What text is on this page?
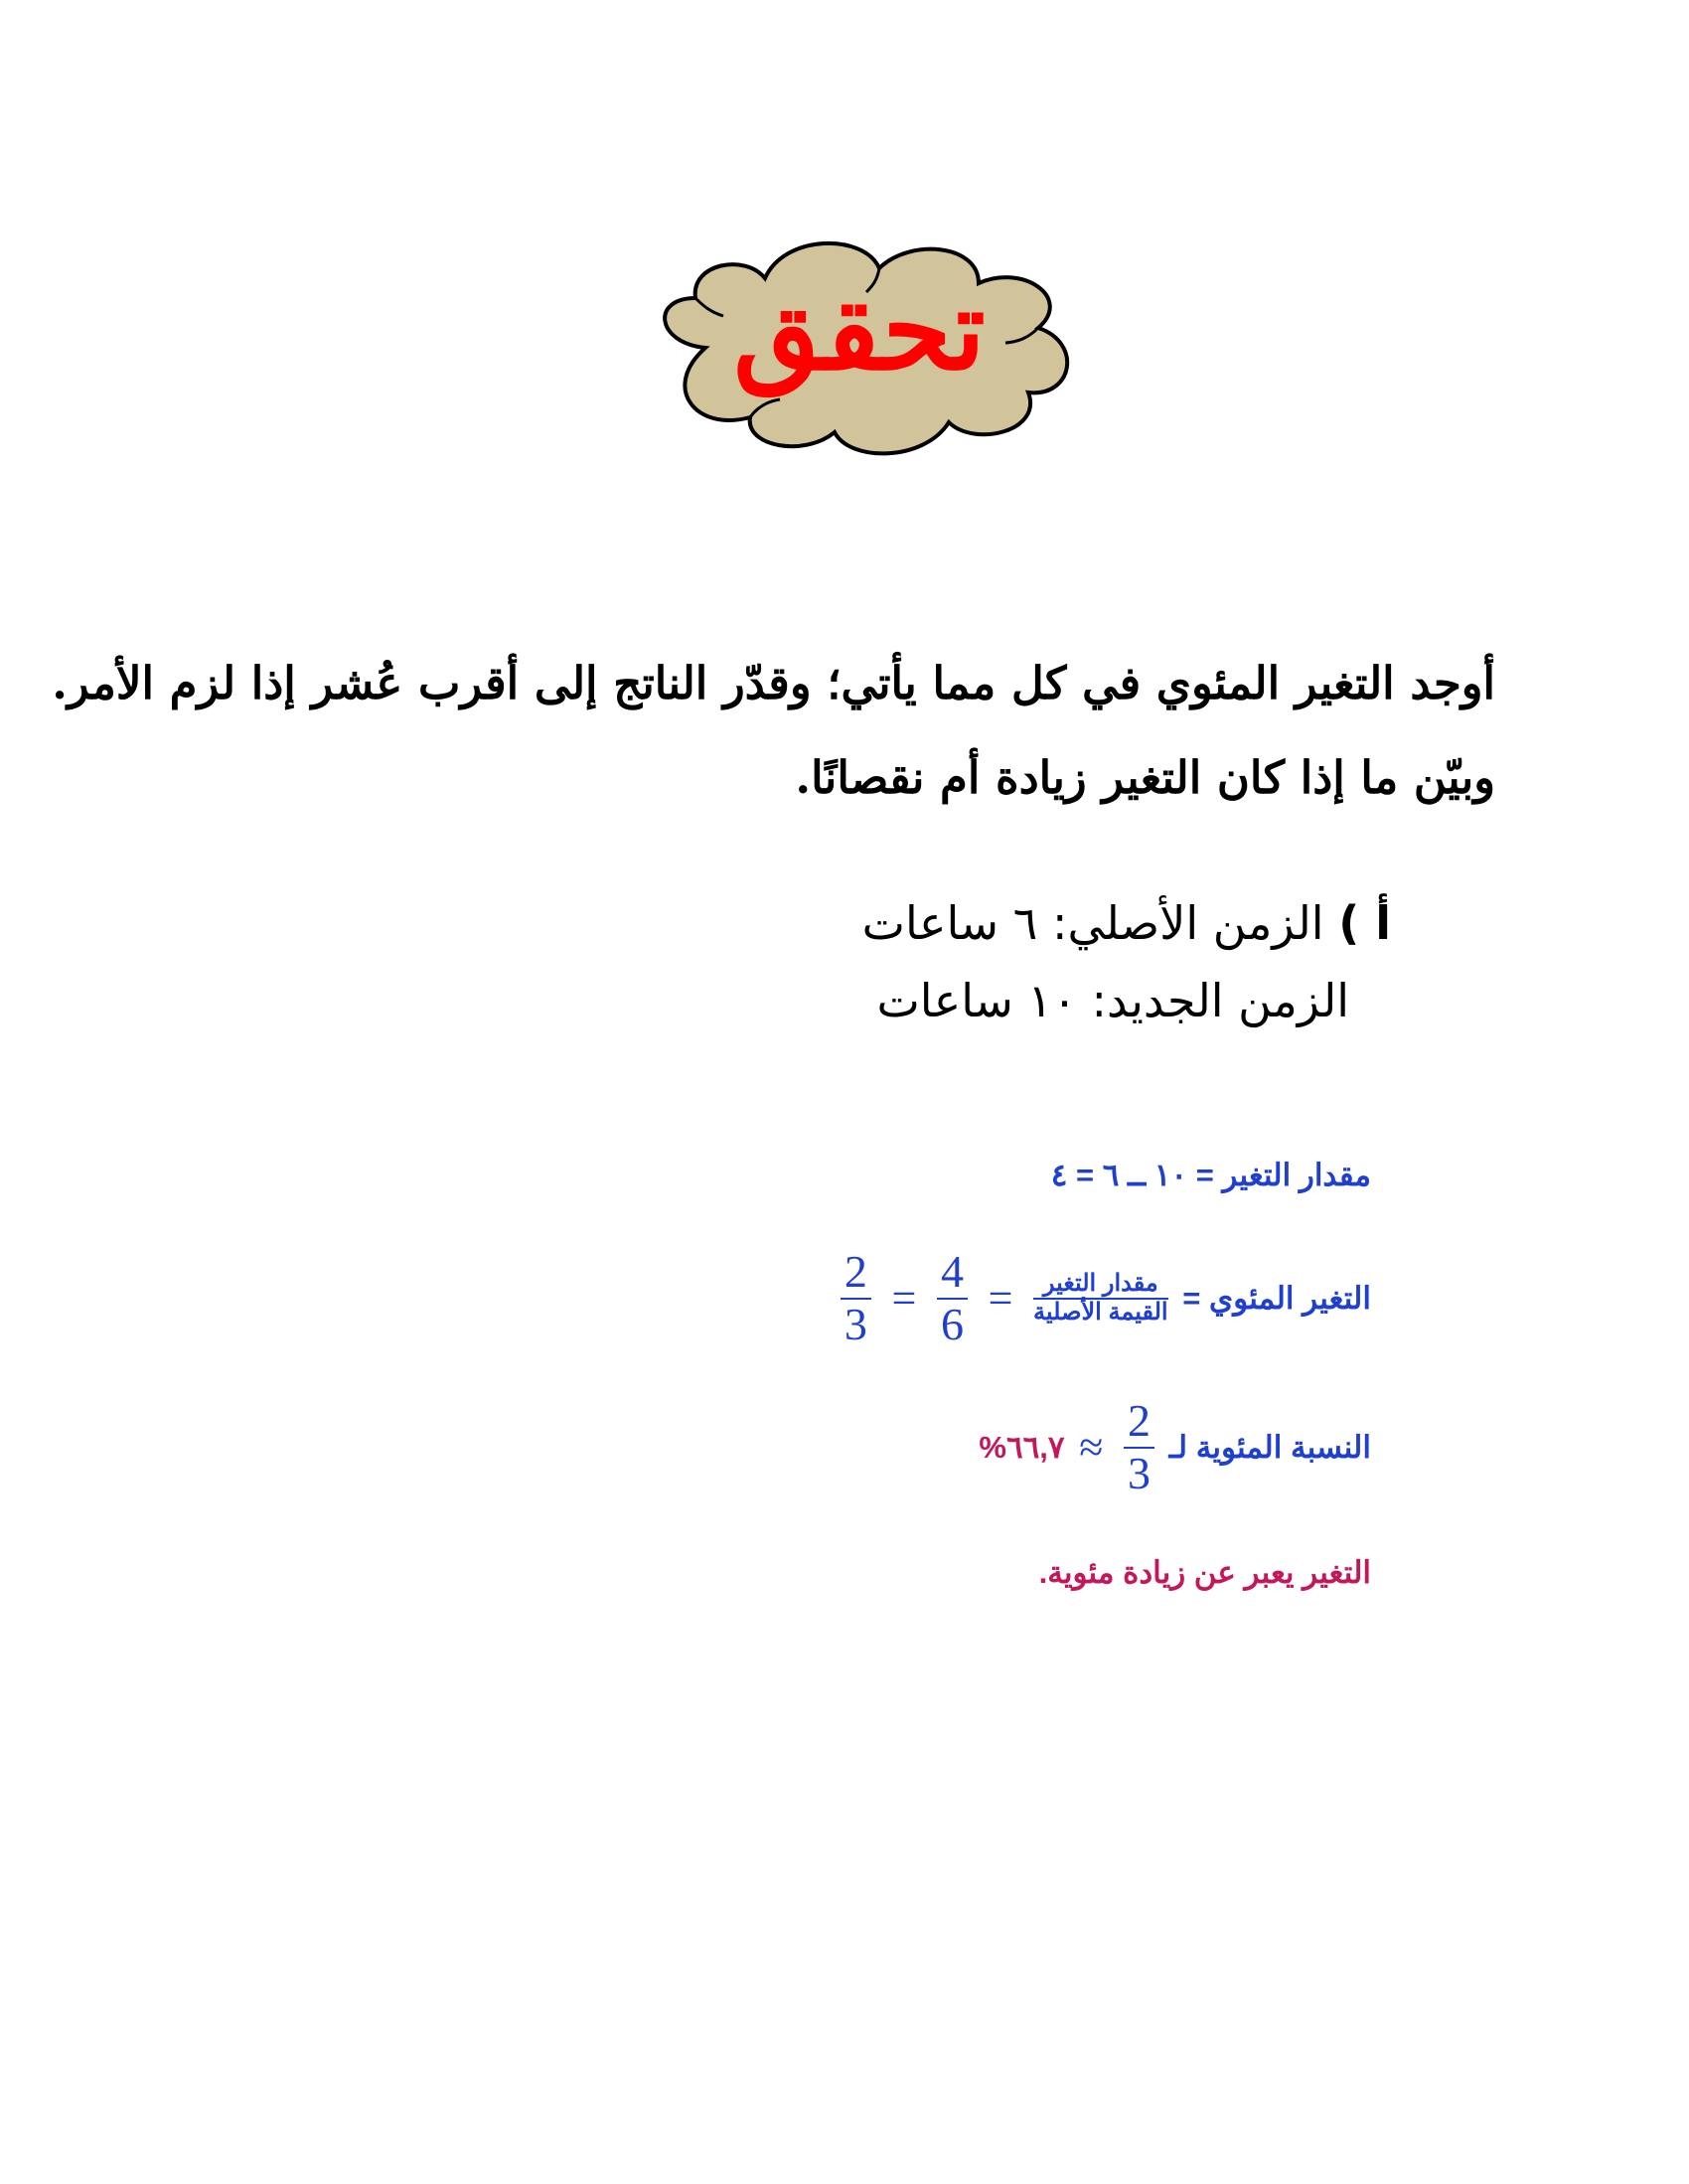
تحقق
أوجد التغير المئوي في كل مما يأتي؛ وقدّر الناتج إلى أقرب عُشر إذا لزم الأمر.
وبيّن ما إذا كان التغير زيادة أم نقصانًا.
أ ) الزمن الأصلي: ٦ ساعات
الزمن الجديد: ١٠ ساعات
مقدار التغير = ١٠ ــ ٦ = ٤
التغير المئوي =
$\frac{\text{مقدار التغير}}{\text{القيمة الأصلية}}$
=
$\frac{4}{6}$
=
$\frac{2}{3}$
النسبة المئوية لـ
$\frac{2}{3}$
≈ ٦٦,٧%
التغير يعبر عن زيادة مئوية.
